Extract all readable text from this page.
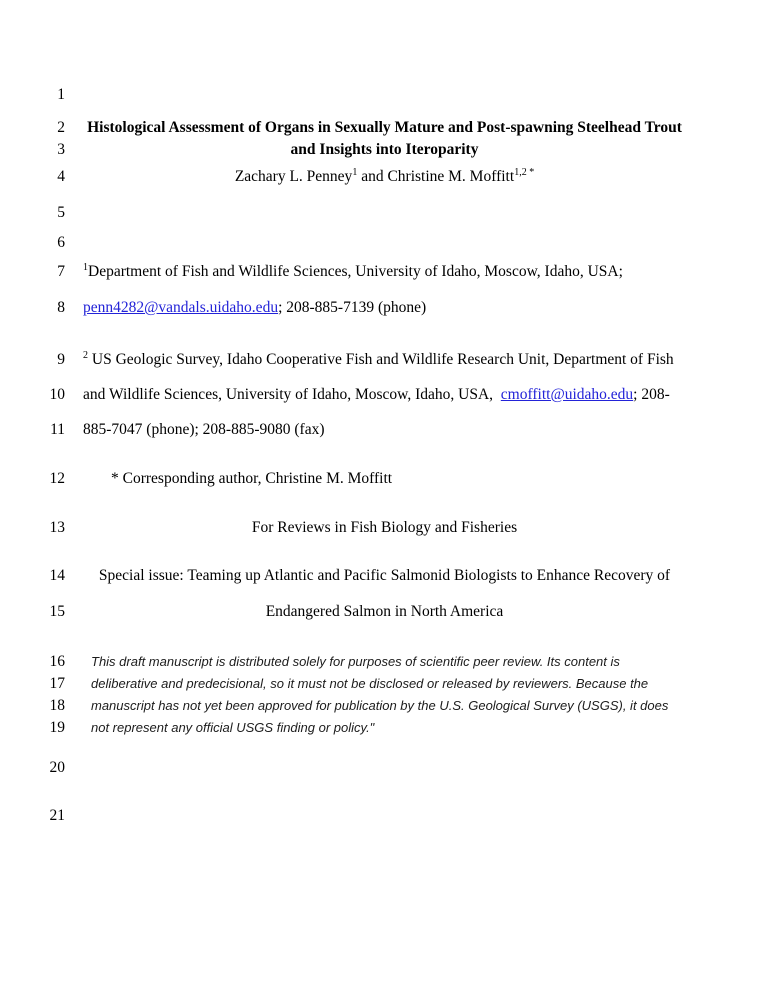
1
2 Histological Assessment of Organs in Sexually Mature and Post-spawning Steelhead Trout
3	and Insights into Iteroparity
4	Zachary L. Penney$^1$ and Christine M. Moffitt$^{1,2 *}$
5
6
7 $^1$Department of Fish and Wildlife Sciences, University of Idaho, Moscow, Idaho, USA;
8 penn4282@vandals.uidaho.edu; 208-885-7139 (phone)
9 $^2$ US Geologic Survey, Idaho Cooperative Fish and Wildlife Research Unit, Department of Fish
10 and Wildlife Sciences, University of Idaho, Moscow, Idaho, USA,  cmoffitt@uidaho.edu; 208-
11 885-7047 (phone); 208-885-9080 (fax)
12	* Corresponding author, Christine M. Moffitt
13	For Reviews in Fish Biology and Fisheries
14	Special issue: Teaming up Atlantic and Pacific Salmonid Biologists to Enhance Recovery of
15	Endangered Salmon in North America
16	This draft manuscript is distributed solely for purposes of scientific peer review. Its content is
17	deliberative and predecisional, so it must not be disclosed or released by reviewers. Because the
18	manuscript has not yet been approved for publication by the U.S. Geological Survey (USGS), it does
19	not represent any official USGS finding or policy."
20
21
